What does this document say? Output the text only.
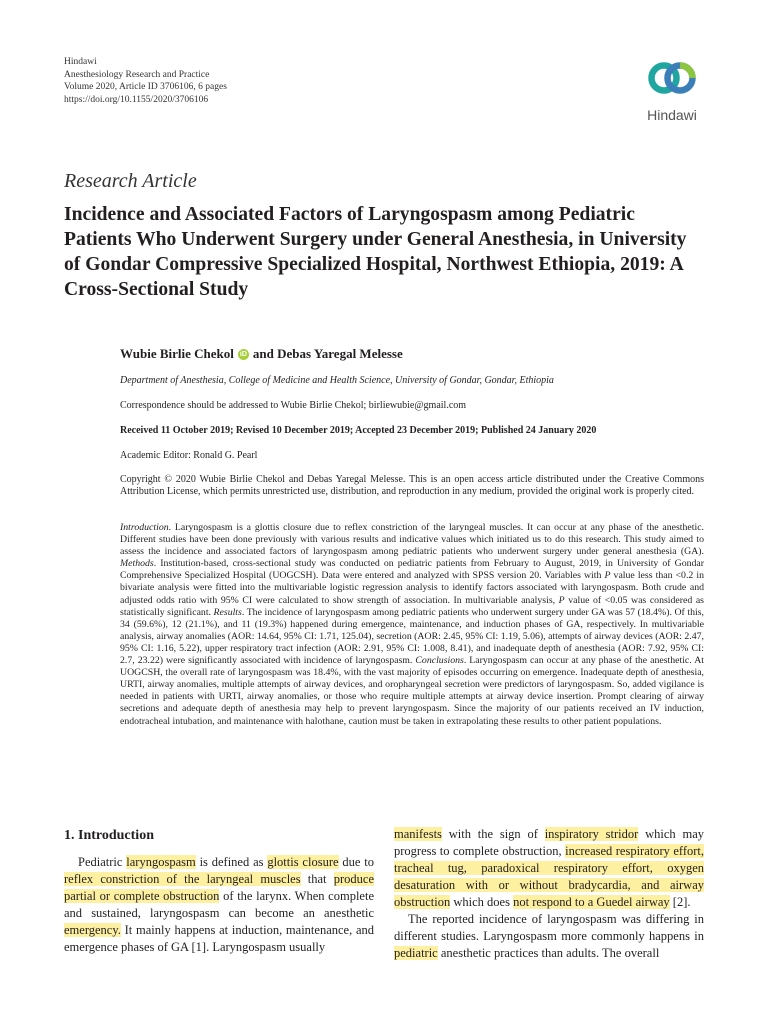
Hindawi
Anesthesiology Research and Practice
Volume 2020, Article ID 3706106, 6 pages
https://doi.org/10.1155/2020/3706106
Hindawi
Research Article
Incidence and Associated Factors of Laryngospasm among Pediatric Patients Who Underwent Surgery under General Anesthesia, in University of Gondar Compressive Specialized Hospital, Northwest Ethiopia, 2019: A Cross-Sectional Study
Wubie Birlie Chekol iD and Debas Yaregal Melesse
Department of Anesthesia, College of Medicine and Health Science, University of Gondar, Gondar, Ethiopia
Correspondence should be addressed to Wubie Birlie Chekol; birliewubie@gmail.com
Received 11 October 2019; Revised 10 December 2019; Accepted 23 December 2019; Published 24 January 2020
Academic Editor: Ronald G. Pearl

Copyright © 2020 Wubie Birlie Chekol and Debas Yaregal Melesse. This is an open access article distributed under the Creative Commons Attribution License, which permits unrestricted use, distribution, and reproduction in any medium, provided the original work is properly cited.

Introduction. Laryngospasm is a glottis closure due to reflex constriction of the laryngeal muscles. It can occur at any phase of the anesthetic. Different studies have been done previously with various results and indicative values which initiated us to do this research. This study aimed to assess the incidence and associated factors of laryngospasm among pediatric patients who underwent surgery under general anesthesia (GA). Methods. Institution-based, cross-sectional study was conducted on pediatric patients from February to August, 2019, in University of Gondar Comprehensive Specialized Hospital (UOGCSH). Data were entered and analyzed with SPSS version 20. Variables with P value less than <0.2 in bivariate analysis were fitted into the multivariable logistic regression analysis to identify factors associated with laryngospasm. Both crude and adjusted odds ratio with 95% CI were calculated to show strength of association. In multivariable analysis, P value of <0.05 was considered as statistically significant. Results. The incidence of laryngospasm among pediatric patients who underwent surgery under GA was 57 (18.4%). Of this, 34 (59.6%), 12 (21.1%), and 11 (19.3%) happened during emergence, maintenance, and induction phases of GA, respectively. In multivariable analysis, airway anomalies (AOR: 14.64, 95% CI: 1.71, 125.04), secretion (AOR: 2.45, 95% CI: 1.19, 5.06), attempts of airway devices (AOR: 2.47, 95% CI: 1.16, 5.22), upper respiratory tract infection (AOR: 2.91, 95% CI: 1.008, 8.41), and inadequate depth of anesthesia (AOR: 7.92, 95% CI: 2.7, 23.22) were significantly associated with incidence of laryngospasm. Conclusions. Laryngospasm can occur at any phase of the anesthetic. At UOGCSH, the overall rate of laryngospasm was 18.4%, with the vast majority of episodes occurring on emergence. Inadequate depth of anesthesia, URTI, airway anomalies, multiple attempts of airway devices, and oropharyngeal secretion were predictors of laryngospasm. So, added vigilance is needed in patients with URTI, airway anomalies, or those who require multiple attempts at airway device insertion. Prompt clearing of airway secretions and adequate depth of anesthesia may help to prevent laryngospasm. Since the majority of our patients received an IV induction, endotracheal intubation, and maintenance with halothane, caution must be taken in extrapolating these results to other patient populations.

1. Introduction

Pediatric laryngospasm is defined as glottis closure due to reflex constriction of the laryngeal muscles that produce partial or complete obstruction of the larynx. When complete and sustained, laryngospasm can become an anesthetic emergency. It mainly happens at induction, maintenance, and emergence phases of GA [1]. Laryngospasm usually

manifests with the sign of inspiratory stridor which may progress to complete obstruction, increased respiratory effort, tracheal tug, paradoxical respiratory effort, oxygen desaturation with or without bradycardia, and airway obstruction which does not respond to a Guedel airway [2].

The reported incidence of laryngospasm was differing in different studies. Laryngospasm more commonly happens in pediatric anesthetic practices than adults. The overall
